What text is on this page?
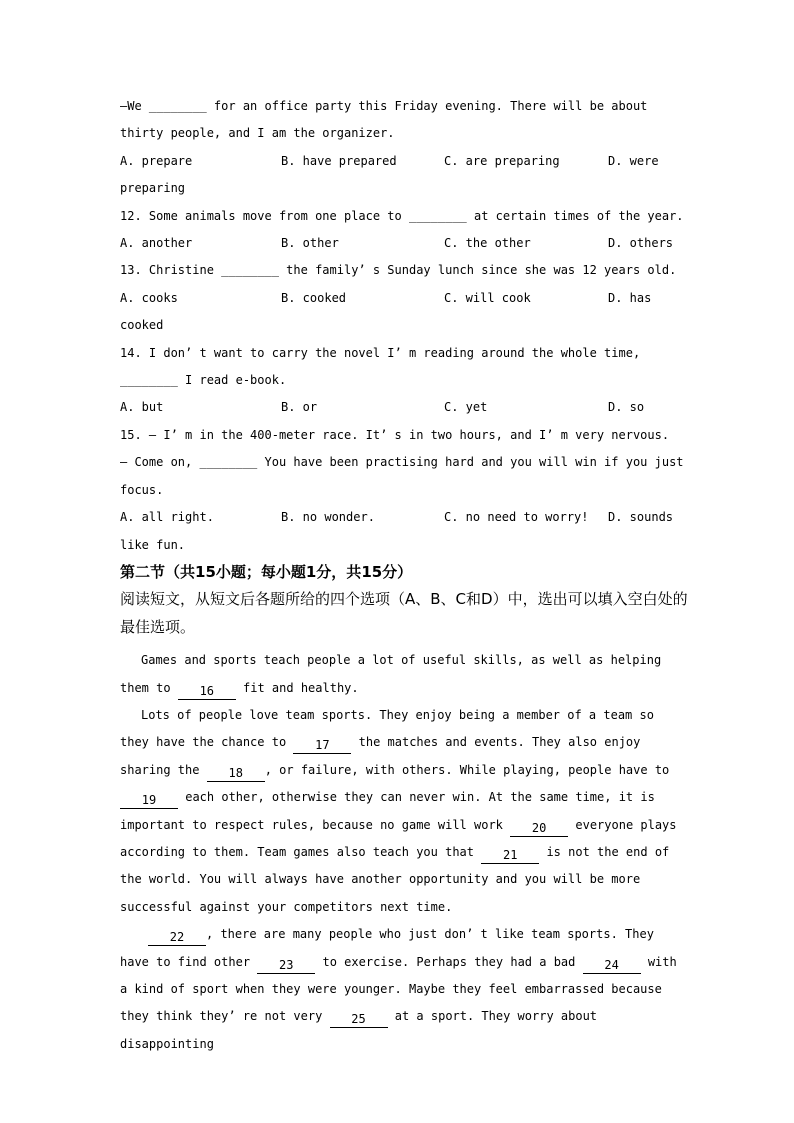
—We ________ for an office party this Friday evening. There will be about thirty people, and I am the organizer.

A. prepare	B. have prepared	C. are preparing	D. were preparing

12. Some animals move from one place to ________ at certain times of the year.

A. another	B. other	C. the other	D. others

13. Christine ________ the family’ s Sunday lunch since she was 12 years old.

A. cooks	B. cooked	C. will cook	D. has cooked

14. I don’ t want to carry the novel I’ m reading around the whole time, ________ I read e-book.

A. but	B. or	C. yet	D. so

15. — I’ m in the 400-meter race. It’ s in two hours, and I’ m very nervous.

— Come on, ________ You have been practising hard and you will win if you just focus.

A. all right.	B. no wonder.	C. no need to worry! D. sounds like fun.

第二节（共15小题；每小题1分，共15分）

阅读短文，从短文后各题所给的四个选项（A、B、C和D）中，选出可以填入空白处的最佳选项。

Games and sports teach people a lot of useful skills, as well as helping them to 16 fit and healthy.

Lots of people love team sports. They enjoy being a member of a team so they have the chance to 17 the matches and events. They also enjoy sharing the 18 , or failure, with others. While playing, people have to 19 each other, otherwise they can never win. At the same time, it is important to respect rules, because no game will work 20 everyone plays according to them. Team games also teach you that 21 is not the end of the world. You will always have another opportunity and you will be more successful against your competitors next time.

22 , there are many people who just don’ t like team sports. They have to find other 23 to exercise. Perhaps they had a bad 24 with a kind of sport when they were younger. Maybe they feel embarrassed because they think they’ re not very 25 at a sport. They worry about disappointing
